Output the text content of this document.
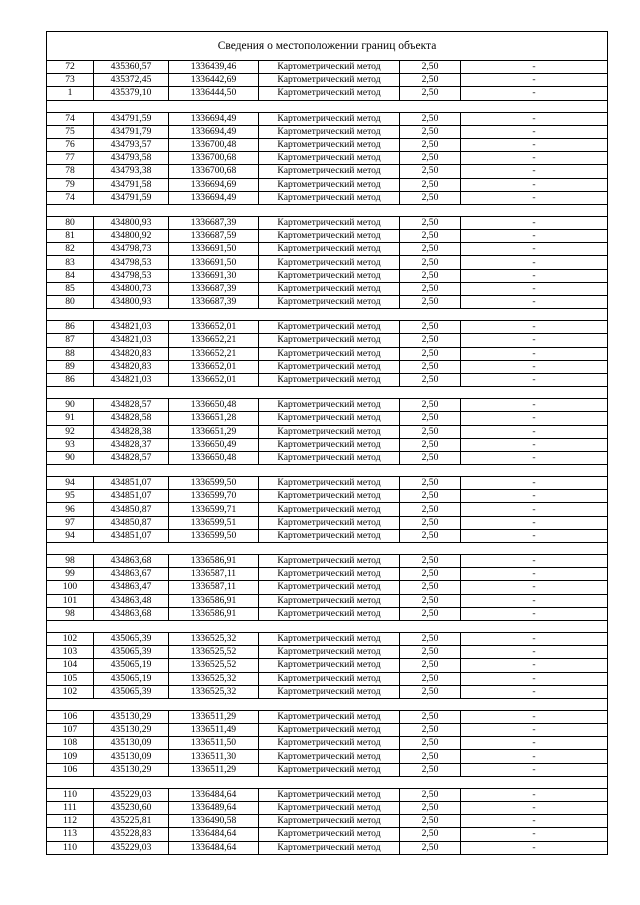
Сведения о местоположении границ объекта
72	435360,57	1336439,46	Картометрический метод	2,50	-
73	435372,45	1336442,69	Картометрический метод	2,50	-
1	435379,10	1336444,50	Картометрический метод	2,50	-

74	434791,59	1336694,49	Картометрический метод	2,50	-
75	434791,79	1336694,49	Картометрический метод	2,50	-
76	434793,57	1336700,48	Картометрический метод	2,50	-
77	434793,58	1336700,68	Картометрический метод	2,50	-
78	434793,38	1336700,68	Картометрический метод	2,50	-
79	434791,58	1336694,69	Картометрический метод	2,50	-
74	434791,59	1336694,49	Картометрический метод	2,50	-

80	434800,93	1336687,39	Картометрический метод	2,50	-
81	434800,92	1336687,59	Картометрический метод	2,50	-
82	434798,73	1336691,50	Картометрический метод	2,50	-
83	434798,53	1336691,50	Картометрический метод	2,50	-
84	434798,53	1336691,30	Картометрический метод	2,50	-
85	434800,73	1336687,39	Картометрический метод	2,50	-
80	434800,93	1336687,39	Картометрический метод	2,50	-

86	434821,03	1336652,01	Картометрический метод	2,50	-
87	434821,03	1336652,21	Картометрический метод	2,50	-
88	434820,83	1336652,21	Картометрический метод	2,50	-
89	434820,83	1336652,01	Картометрический метод	2,50	-
86	434821,03	1336652,01	Картометрический метод	2,50	-

90	434828,57	1336650,48	Картометрический метод	2,50	-
91	434828,58	1336651,28	Картометрический метод	2,50	-
92	434828,38	1336651,29	Картометрический метод	2,50	-
93	434828,37	1336650,49	Картометрический метод	2,50	-
90	434828,57	1336650,48	Картометрический метод	2,50	-

94	434851,07	1336599,50	Картометрический метод	2,50	-
95	434851,07	1336599,70	Картометрический метод	2,50	-
96	434850,87	1336599,71	Картометрический метод	2,50	-
97	434850,87	1336599,51	Картометрический метод	2,50	-
94	434851,07	1336599,50	Картометрический метод	2,50	-

98	434863,68	1336586,91	Картометрический метод	2,50	-
99	434863,67	1336587,11	Картометрический метод	2,50	-
100	434863,47	1336587,11	Картометрический метод	2,50	-
101	434863,48	1336586,91	Картометрический метод	2,50	-
98	434863,68	1336586,91	Картометрический метод	2,50	-

102	435065,39	1336525,32	Картометрический метод	2,50	-
103	435065,39	1336525,52	Картометрический метод	2,50	-
104	435065,19	1336525,52	Картометрический метод	2,50	-
105	435065,19	1336525,32	Картометрический метод	2,50	-
102	435065,39	1336525,32	Картометрический метод	2,50	-

106	435130,29	1336511,29	Картометрический метод	2,50	-
107	435130,29	1336511,49	Картометрический метод	2,50	-
108	435130,09	1336511,50	Картометрический метод	2,50	-
109	435130,09	1336511,30	Картометрический метод	2,50	-
106	435130,29	1336511,29	Картометрический метод	2,50	-

110	435229,03	1336484,64	Картометрический метод	2,50	-
111	435230,60	1336489,64	Картометрический метод	2,50	-
112	435225,81	1336490,58	Картометрический метод	2,50	-
113	435228,83	1336484,64	Картометрический метод	2,50	-
110	435229,03	1336484,64	Картометрический метод	2,50	-
